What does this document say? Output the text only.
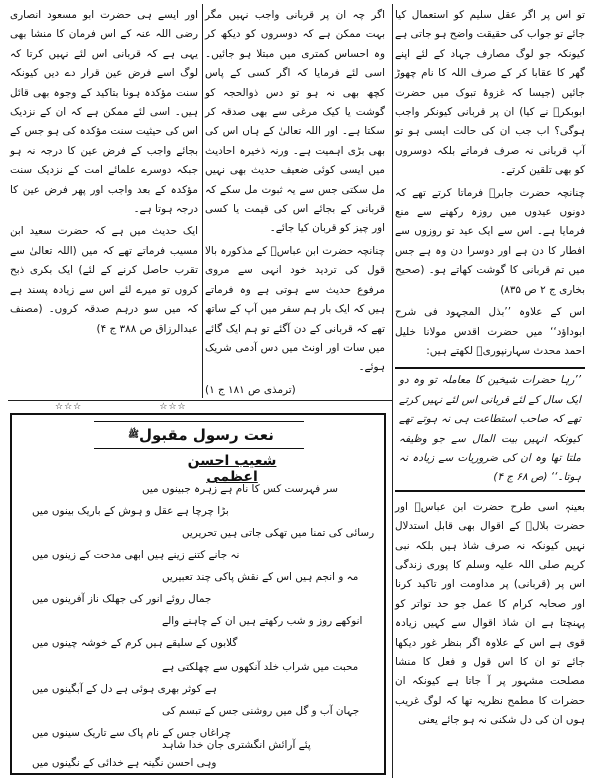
تو اس پر اگر عقل سلیم کو استعمال کیا جائے تو جواب کی حقیقت واضح ہو جاتی ہے کیونکہ جو لوگ مصارف جہاد کے لئے اپنے گھر کا عقابا کر کے صرف اللہ کا نام چھوڑ جائیں (جیسا کہ غزوۂ تبوک میں حضرت ابوبکرؓ نے کیا) ان پر قربانی کیونکر واجب ہوگی؟ اب جب ان کی حالت ایسی ہو تو آپ قربانی نہ صرف فرماتے بلکہ دوسروں کو بھی تلقین کرتے۔

چنانچہ حضرت جابرؓ فرماتا کرتے تھے کہ دونوں عیدوں میں روزہ رکھنے سے منع فرمایا ہے۔ اس سے ایک عید تو روزوں سے افطار کا دن ہے اور دوسرا دن وہ ہے جس میں تم قربانی کا گوشت کھاتے ہو۔ (صحیح بخاری ج ۲ ص ۸۳۵)

اس کے علاوہ ’’بذل المجہود فی شرح ابوداؤد‘‘ میں حضرت اقدس مولانا خلیل احمد محدث سہارنپوریؒ لکھتے ہیں:

’’رہا حضرات شیخین کا معاملہ تو وہ دو ایک سال کے لئے قربانی اس لئے نہیں کرتے تھے کہ صاحب استطاعت ہی نہ ہوتے تھے کیونکہ انہیں بیت المال سے جو وظیفہ ملتا تھا وہ ان کی ضروریات سے زیادہ نہ ہوتا۔‘‘ (ص ۶۸ ج ۴)

بعینہٖ اسی طرح حضرت ابن عباسؓ اور حضرت بلالؓ کے اقوال بھی قابل استدلال نہیں کیونکہ نہ صرف شاذ ہیں بلکہ نبی کریم صلی اللہ علیہ وسلم کا پوری زندگی اس پر (قربانی) پر مداومت اور تاکید کرنا اور صحابہ کرام کا عمل جو حد تواتر کو پہنچتا ہے ان شاذ اقوال سے کہیں زیادہ قوی ہے اس کے علاوہ اگر بنظر غور دیکھا جائے تو ان کا اس قول و فعل کا منشا مصلحت مشہور پر آ جاتا ہے کیونکہ ان حضرات کا مطمح نظریہ تھا کہ لوگ غریب ہوں ان کی دل شکنی نہ ہو جائے یعنی

اگر چہ ان پر قربانی واجب نہیں مگر بہت ممکن ہے کہ دوسروں کو دیکھ کر وہ احساس کمتری میں مبتلا ہو جائیں۔ اسی لئے فرمایا کہ اگر کسی کے پاس کچھ بھی نہ ہو تو دس ذوالحجہ کو گوشت یا کیک مرغی سے بھی صدقہ کر سکتا ہے۔ اور اللہ تعالیٰ کے ہاں اس کی بھی بڑی اہمیت ہے۔ ورنہ ذخیرہ احادیث میں ایسی کوئی ضعیف حدیث بھی نہیں مل سکتی جس سے یہ ثبوت مل سکے کہ قربانی کے بجائے اس کی قیمت یا کسی اور چیز کو قربان کیا جائے۔

چنانچہ حضرت ابن عباسؓ کے مذکورہ بالا قول کی تردید خود انہی سے مروی مرفوع حدیث سے ہوتی ہے وہ فرماتے ہیں کہ ایک بار ہم سفر میں آپ کے ساتھ تھے کہ قربانی کے دن آگئے تو ہم ایک گائے میں سات اور اونٹ میں دس آدمی شریک ہوئے۔

(ترمذی ص ۱۸۱ ج ۱)

اور ایسے ہی حضرت ابو مسعود انصاری رضی اللہ عنہ کے اس فرمان کا منشا بھی یہی ہے کہ قربانی اس لئے نہیں کرتا کہ لوگ اسے فرض عین قرار دے دیں کیونکہ سنت مؤکدہ ہونا بتاکید کے وجوہ بھی قائل ہیں۔ اسی لئے ممکن ہے کہ ان کے نزدیک اس کی حیثیت سنت مؤکدہ کی ہو جس کے بجائے واجب کے فرض عین کا درجہ نہ ہو جبکہ دوسرے علمائے امت کے نزدیک سنت مؤکدہ کے بعد واجب اور پھر فرض عین کا درجہ ہوتا ہے۔

ایک حدیث میں ہے کہ حضرت سعید ابن مسیب فرماتے تھے کہ میں (اللہ تعالیٰ سے تقرب حاصل کرنے کے لئے) ایک بکری ذبح کروں تو میرے لئے اس سے زیادہ پسند ہے کہ میں سو درہم صدقہ کروں۔ (مصنف عبدالرزاق ص ۳۸۸ ج ۴)

☆☆☆                    ☆☆☆
نعت رسول مقبول
ﷺ
شعیب احسن اعظمی
سر فہرست کس کا نام ہے زہرہ جبینوں میں
بڑا چرچا ہے عقل و ہوش کے باریک بینوں میں
رسائی کی تمنا میں تھکی جاتی ہیں تحریریں
نہ جانے کتنے زینے ہیں ابھی مدحت کے زینوں میں
مہ و انجم ہیں اس کے نقش پاکی چند تعبیریں
جمال روئے انور کی جھلک ناز آفرینوں میں
انوکھے روز و شب رکھتے ہیں ان کے چاہنے والے
گلابوں کے سلیقے ہیں کرم کے خوشہ چینوں میں
محبت میں شراب خلد آنکھوں سے چھلکتی ہے
ہے کوثر بھری ہوئی ہے دل کے آبگینوں میں
جہان آب و گل میں روشنی جس کے تبسم کی
چراغاں جس کے نام پاک سے تاریک سینوں میں
پئے آرائش انگشتری جان خدا شاہد
وہی احسن نگینہ ہے خدائی کے نگینوں میں
